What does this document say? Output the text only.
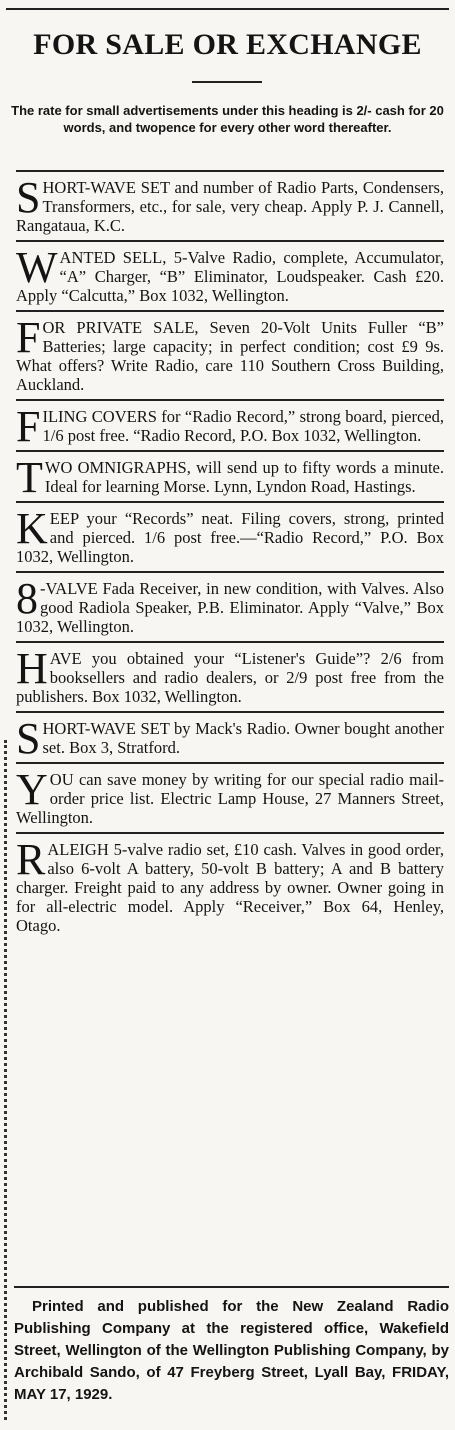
FOR SALE OR EXCHANGE
The rate for small advertisements under this heading is 2/- cash for 20 words, and twopence for every other word thereafter.
SHORT-WAVE SET and number of Radio Parts, Condensers, Transformers, etc., for sale, very cheap. Apply P. J. Cannell, Rangataua, K.C.
WANTED SELL, 5-Valve Radio, complete, Accumulator, “A” Charger, “B” Eliminator, Loudspeaker. Cash £20. Apply “Calcutta,” Box 1032, Wellington.
FOR PRIVATE SALE, Seven 20-Volt Units Fuller “B” Batteries; large capacity; in perfect condition; cost £9 9s. What offers? Write Radio, care 110 Southern Cross Building, Auckland.
FILING COVERS for “Radio Record,” strong board, pierced, 1/6 post free. “Radio Record, P.O. Box 1032, Wellington.
TWO OMNIGRAPHS, will send up to fifty words a minute. Ideal for learning Morse. Lynn, Lyndon Road, Hastings.
KEEP your “Records” neat. Filing covers, strong, printed and pierced. 1/6 post free.—“Radio Record,” P.O. Box 1032, Wellington.
8 -VALVE Fada Receiver, in new condition, with Valves. Also good Radiola Speaker, P.B. Eliminator. Apply “Valve,” Box 1032, Wellington.
HAVE you obtained your “Listener's Guide”? 2/6 from booksellers and radio dealers, or 2/9 post free from the publishers. Box 1032, Wellington.
SHORT-WAVE SET by Mack's Radio. Owner bought another set. Box 3, Stratford.
YOU can save money by writing for our special radio mail-order price list. Electric Lamp House, 27 Manners Street, Wellington.
RALEIGH 5-valve radio set, £10 cash. Valves in good order, also 6-volt A battery, 50-volt B battery; A and B battery charger. Freight paid to any address by owner. Owner going in for all-electric model. Apply “Receiver,” Box 64, Henley, Otago.
Printed and published for the New Zealand Radio Publishing Company at the registered office, Wakefield Street, Wellington of the Wellington Publishing Company, by Archibald Sando, of 47 Freyberg Street, Lyall Bay, FRIDAY, MAY 17, 1929.
